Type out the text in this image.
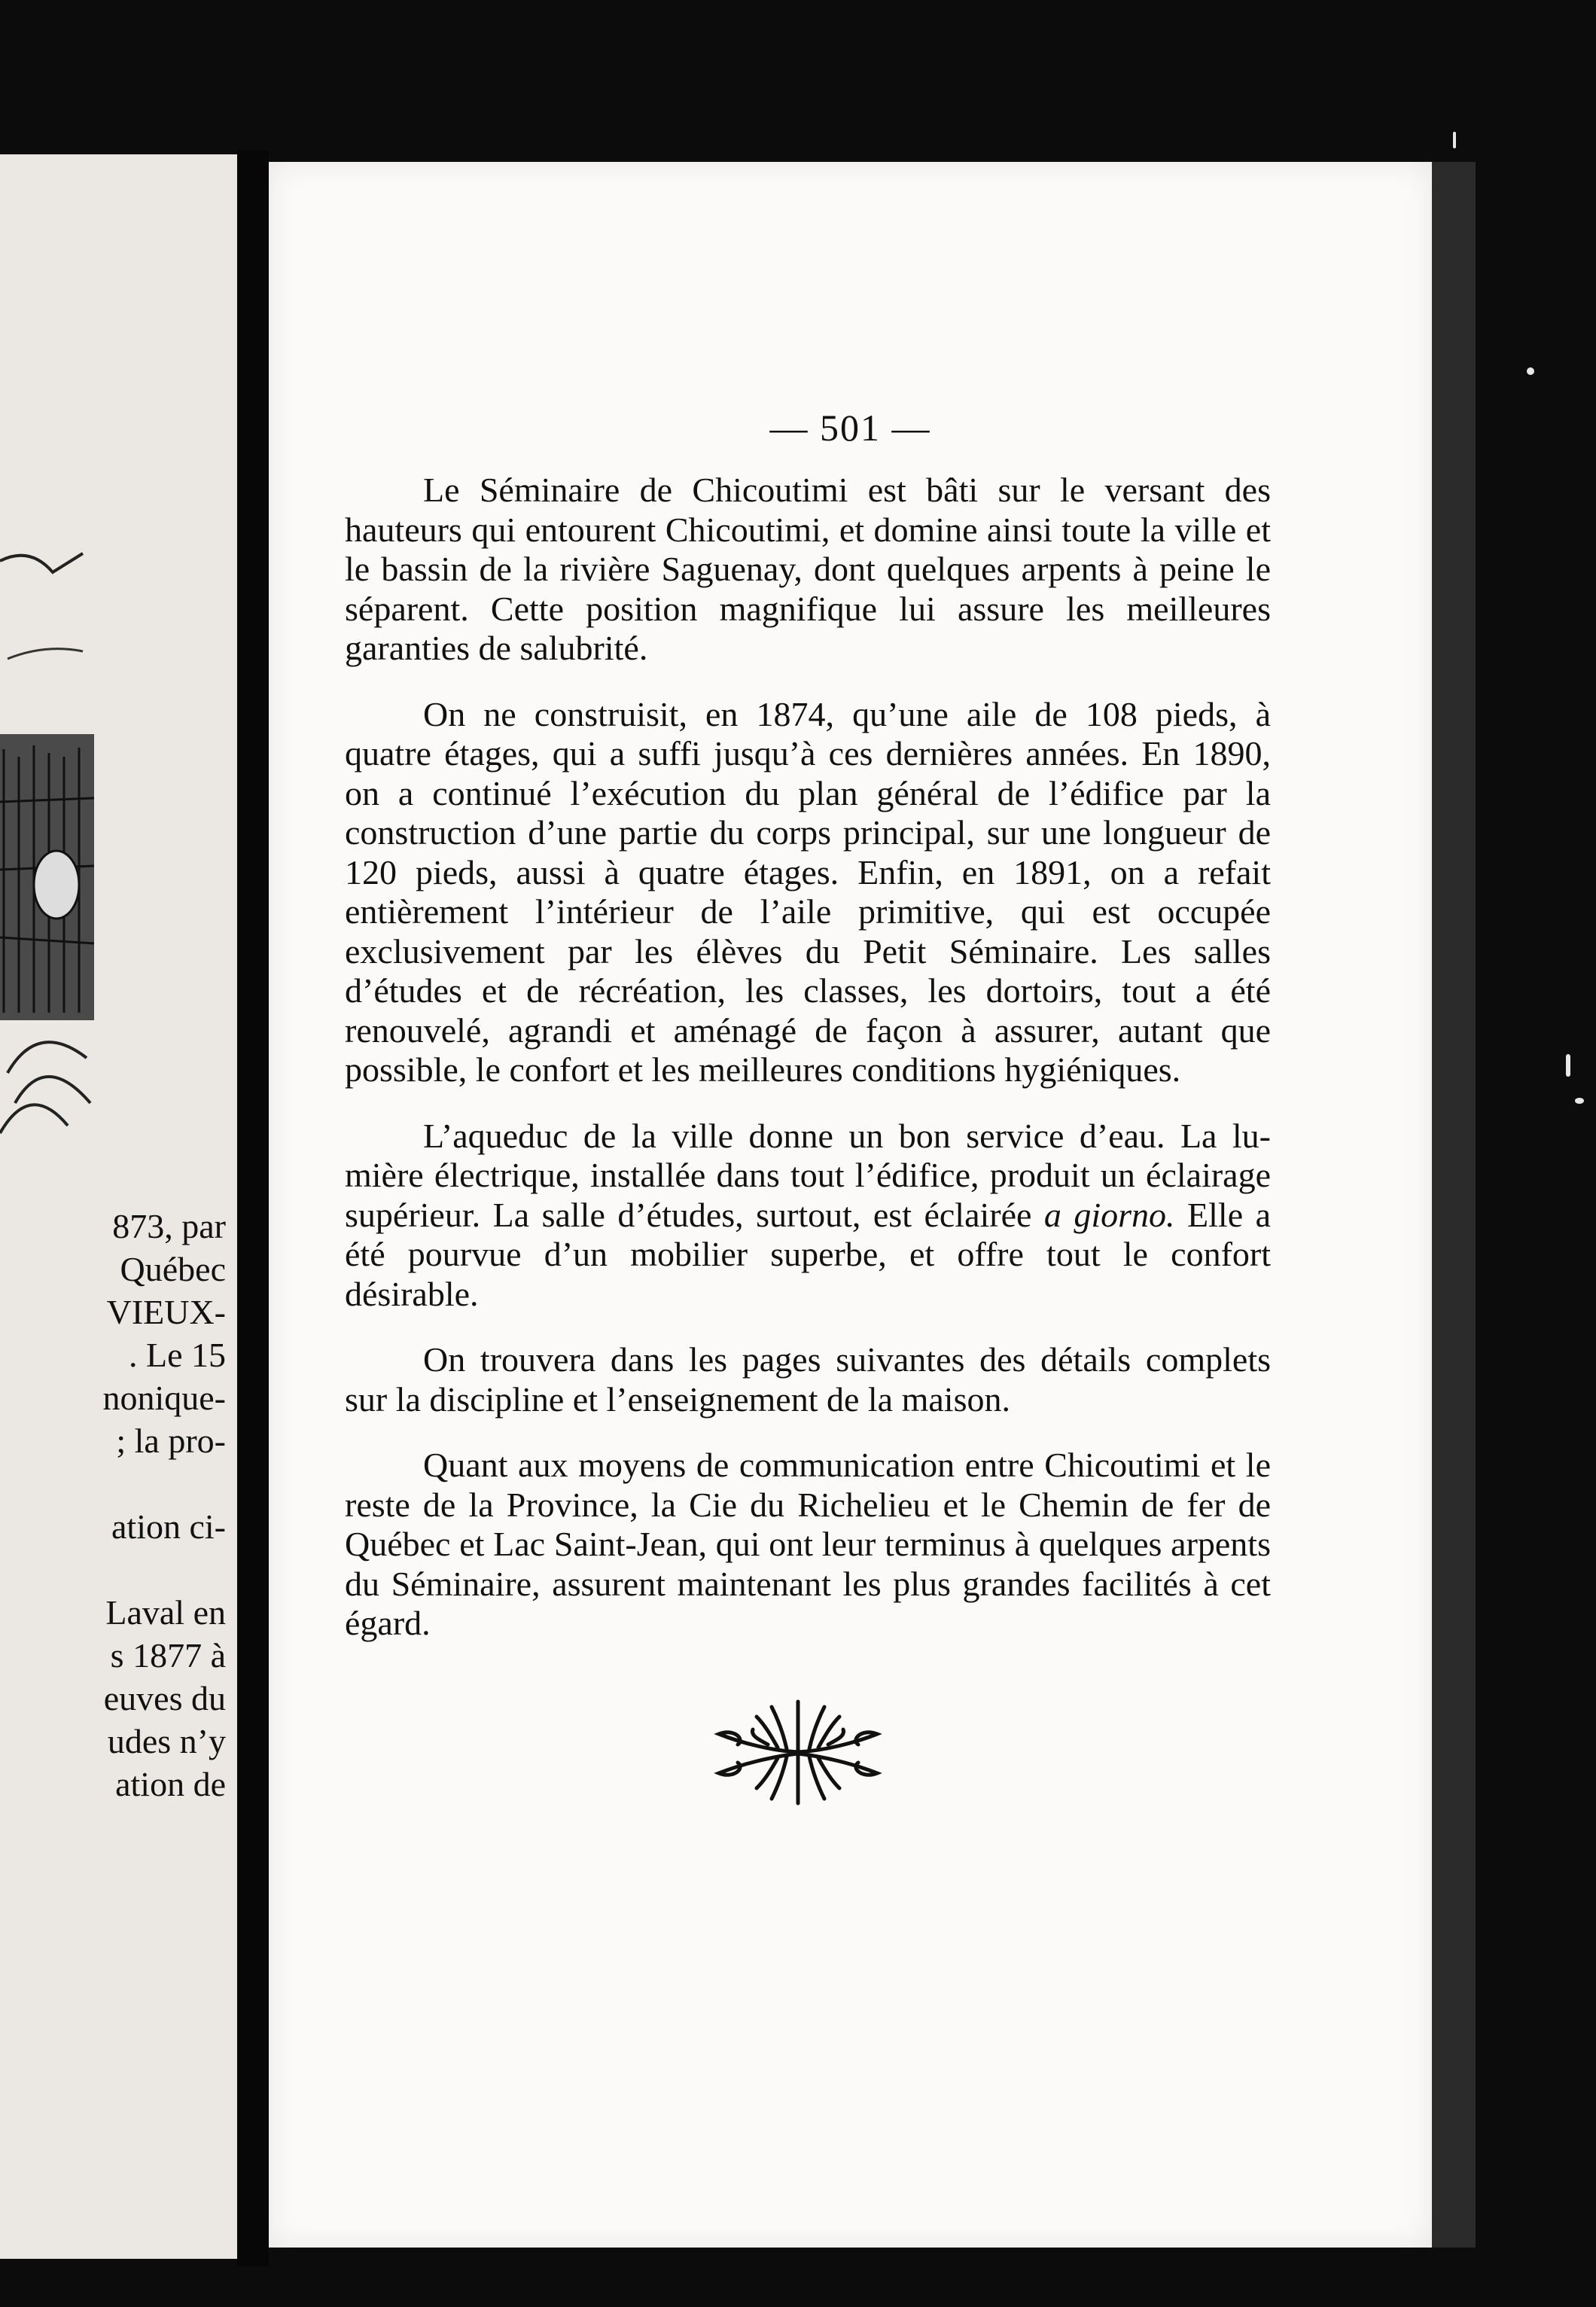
873, par
Québec
VIEUX-
. Le 15
nonique-
; la pro-
ation ci-
Laval en
s 1877 à
euves du
udes n’y
ation de
— 501 —

Le Séminaire de Chicoutimi est bâti sur le versant des hauteurs qui entourent Chicoutimi, et domine ainsi toute la ville et le bassin de la rivière Saguenay, dont quelques arpents à peine le séparent. Cette position magnifique lui assure les meilleures garanties de salubrité.

On ne construisit, en 1874, qu’une aile de 108 pieds, à quatre étages, qui a suffi jusqu’à ces dernières années. En 1890, on a continué l’exécution du plan général de l’édifice par la construction d’une partie du corps principal, sur une longueur de 120 pieds, aussi à quatre étages. Enfin, en 1891, on a refait entièrement l’intérieur de l’aile primitive, qui est occupée exclusivement par les élèves du Petit Séminaire. Les salles d’études et de récréation, les classes, les dortoirs, tout a été renouvelé, agrandi et aménagé de façon à assurer, autant que possible, le confort et les meilleures conditions hygiéniques.

L’aqueduc de la ville donne un bon service d’eau. La lumière électrique, installée dans tout l’édifice, produit un éclairage supérieur. La salle d’études, surtout, est éclairée a giorno. Elle a été pourvue d’un mobilier superbe, et offre tout le confort désirable.

On trouvera dans les pages suivantes des détails complets sur la discipline et l’enseignement de la maison.

Quant aux moyens de communication entre Chicoutimi et le reste de la Province, la Cie du Richelieu et le Chemin de fer de Québec et Lac Saint-Jean, qui ont leur terminus à quelques arpents du Séminaire, assurent maintenant les plus grandes facilités à cet égard.
